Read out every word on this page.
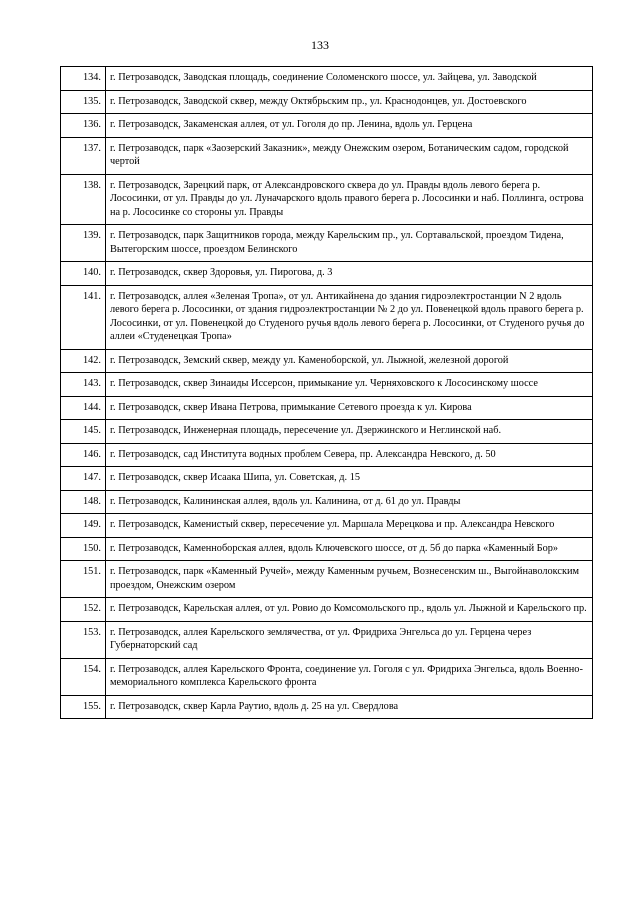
133
134.	г. Петрозаводск, Заводская площадь, соединение Соломенского шоссе, ул. Зайцева, ул. Заводской
135.	г. Петрозаводск, Заводской сквер, между Октябрьским пр., ул. Краснодонцев, ул. Достоевского
136.	г. Петрозаводск, Закаменская аллея, от ул. Гоголя до пр. Ленина, вдоль ул. Герцена
137.	г. Петрозаводск, парк «Заозерский Заказник», между Онежским озером, Ботаническим садом, городской чертой
138.	г. Петрозаводск, Зарецкий парк, от Александровского сквера до ул. Правды вдоль левого берега р. Лососинки, от ул. Правды до ул. Луначарского вдоль правого берега р. Лососинки и наб. Поллинга, острова на р. Лососинке со стороны ул. Правды
139.	г. Петрозаводск, парк Защитников города, между Карельским пр., ул. Сортавальской, проездом Тидена, Вытегорским шоссе, проездом Белинского
140.	г. Петрозаводск, сквер Здоровья, ул. Пирогова, д. 3
141.	г. Петрозаводск, аллея «Зеленая Тропа», от ул. Антикайнена до здания гидроэлектростанции N 2 вдоль левого берега р. Лососинки, от здания гидроэлектростанции № 2 до ул. Повенецкой вдоль правого берега р. Лососинки, от ул. Повенецкой до Студеного ручья вдоль левого берега р. Лососинки, от Студеного ручья до аллеи «Студенецкая Тропа»
142.	г. Петрозаводск, Земский сквер, между ул. Каменоборской, ул. Лыжной, железной дорогой
143.	г. Петрозаводск, сквер Зинаиды Иссерсон, примыкание ул. Черняховского к Лососинскому шоссе
144.	г. Петрозаводск, сквер Ивана Петрова, примыкание Сетевого проезда к ул. Кирова
145.	г. Петрозаводск, Инженерная площадь, пересечение ул. Дзержинского и Неглинской наб.
146.	г. Петрозаводск, сад Института водных проблем Севера, пр. Александра Невского, д. 50
147.	г. Петрозаводск, сквер Исаака Шипа, ул. Советская, д. 15
148.	г. Петрозаводск, Калининская аллея, вдоль ул. Калинина, от д. 61 до ул. Правды
149.	г. Петрозаводск, Каменистый сквер, пересечение ул. Маршала Мерецкова и пр. Александра Невского
150.	г. Петрозаводск, Каменноборская аллея, вдоль Ключевского шоссе, от д. 5б до парка «Каменный Бор»
151.	г. Петрозаводск, парк «Каменный Ручей», между Каменным ручьем, Вознесенским ш., Выгойнаволокским проездом, Онежским озером
152.	г. Петрозаводск, Карельская аллея, от ул. Ровио до Комсомольского пр., вдоль ул. Лыжной и Карельского пр.
153.	г. Петрозаводск, аллея Карельского землячества, от ул. Фридриха Энгельса до ул. Герцена через Губернаторский сад
154.	г. Петрозаводск, аллея Карельского Фронта, соединение ул. Гоголя с ул. Фридриха Энгельса, вдоль Военно-мемориального комплекса Карельского фронта
155.	г. Петрозаводск, сквер Карла Раутио, вдоль д. 25 на ул. Свердлова
